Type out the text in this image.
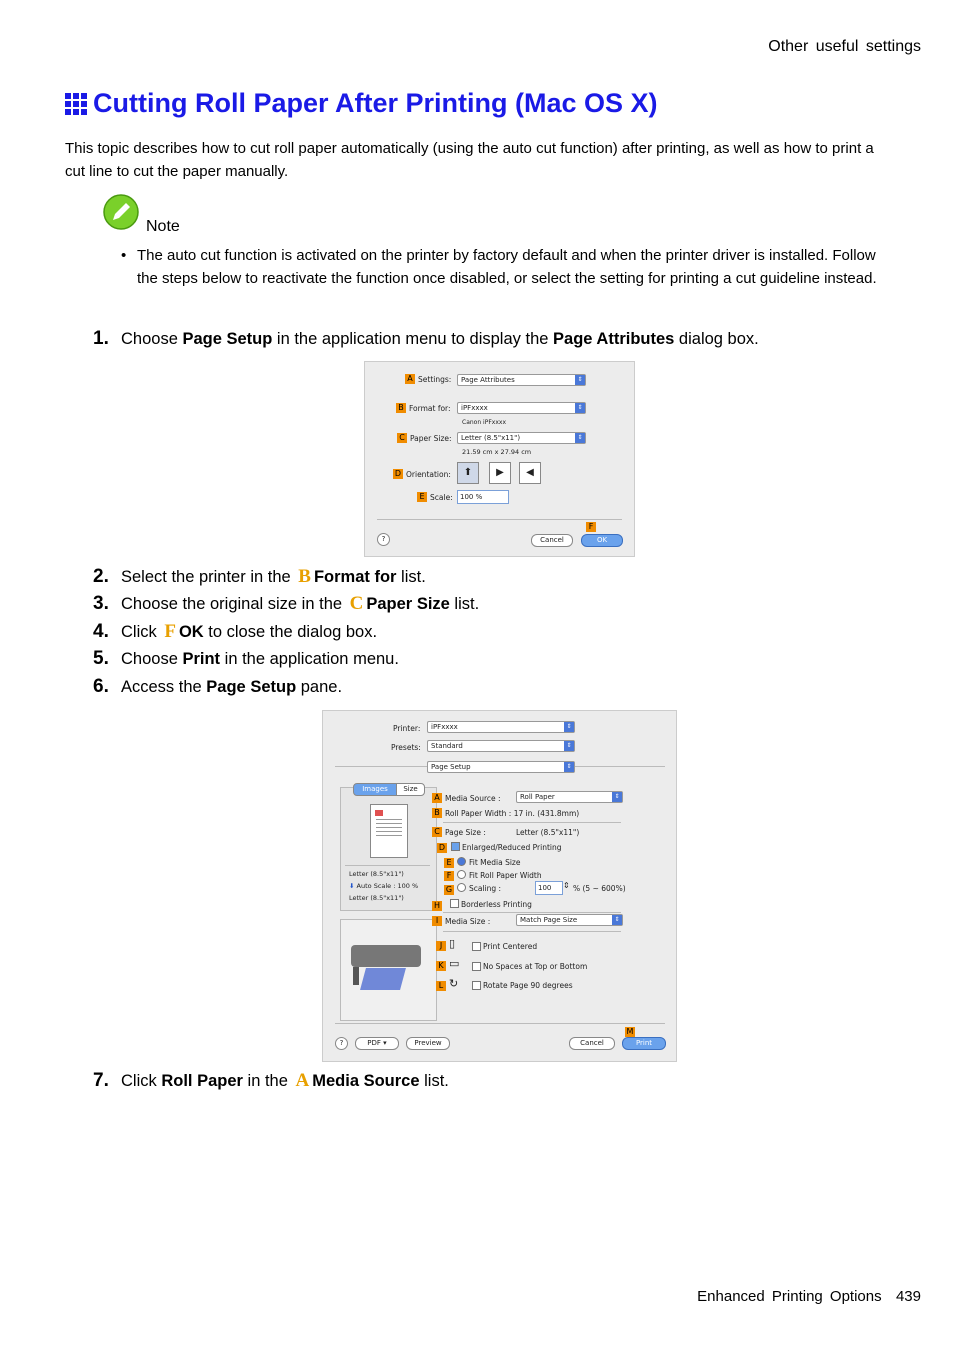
Other useful settings
Cutting Roll Paper After Printing (Mac OS X)
This topic describes how to cut roll paper automatically (using the auto cut function) after printing, as well as how to print a cut line to cut the paper manually.
Note
• The auto cut function is activated on the printer by factory default and when the printer driver is installed. Follow the steps below to reactivate the function once disabled, or select the setting for printing a cut guideline instead.
1. Choose Page Setup in the application menu to display the Page Attributes dialog box.
A Settings:	Page Attributes	⇕
B Format for:	iPFxxxx	⇕
Canon iPFxxxx
C Paper Size:	Letter (8.5"x11")	⇕
21.59 cm x 27.94 cm
D Orientation:	⬆	▶	◀
E Scale:	100 %
F
?	Cancel	OK
2. Select the printer in the B Format for list.
3. Choose the original size in the C Paper Size list.
4. Click F OK to close the dialog box.
5. Choose Print in the application menu.
6. Access the Page Setup pane.
Printer:	iPFxxxx	⇕
Presets:	Standard	⇕
Page Setup	⇕
Images	Size
Letter (8.5"x11")
⬇ Auto Scale : 100 %
Letter (8.5"x11")
A Media Source :	Roll Paper	⇕
B Roll Paper Width : 17 in. (431.8mm)
C Page Size :	Letter (8.5"x11")
D Enlarged/Reduced Printing
E	Fit Media Size
F	Fit Roll Paper Width
G Scaling :	100	⇕ % (5 ~ 600%)
H	Borderless Printing
I Media Size :	Match Page Size	⇕
J ▯	Print Centered
K ▭	No Spaces at Top or Bottom
L ↻	Rotate Page 90 degrees
M
?	PDF ▾	Preview	Cancel	Print
7. Click Roll Paper in the A Media Source list.
Enhanced Printing Options 439
